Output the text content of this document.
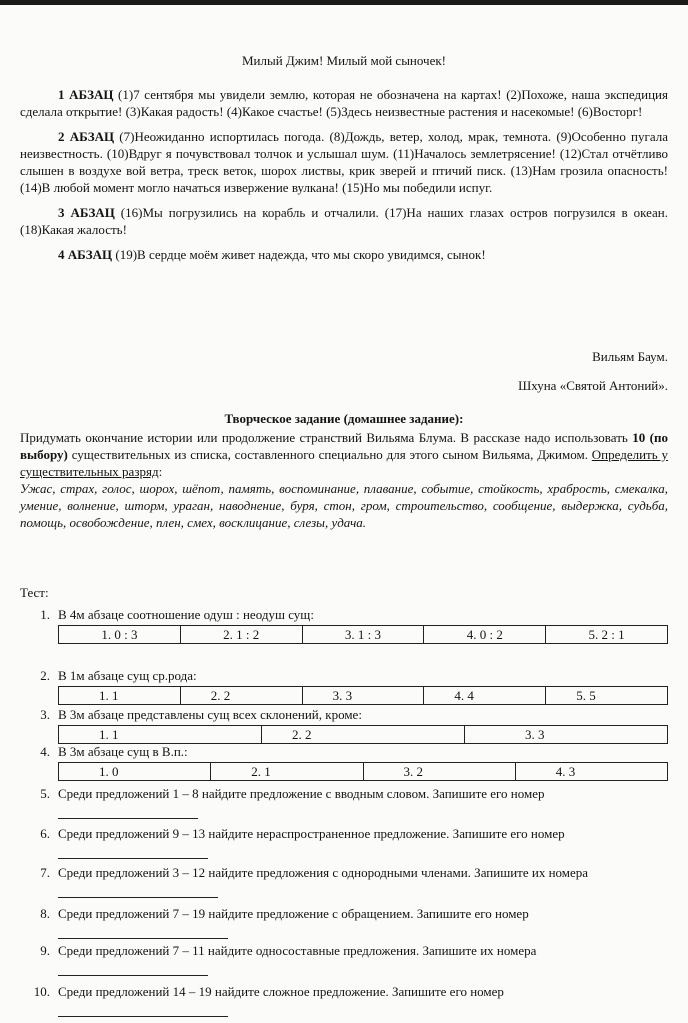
Милый Джим! Милый мой сыночек!

1 АБЗАЦ (1)7 сентября мы увидели землю, которая не обозначена на картах! (2)Похоже, наша экспедиция сделала открытие! (3)Какая радость! (4)Какое счастье! (5)Здесь неизвестные растения и насекомые! (6)Восторг!

2 АБЗАЦ (7)Неожиданно испортилась погода. (8)Дождь, ветер, холод, мрак, темнота. (9)Особенно пугала неизвестность. (10)Вдруг я почувствовал толчок и услышал шум. (11)Началось землетрясение! (12)Стал отчётливо слышен в воздухе вой ветра, треск веток, шорох листвы, крик зверей и птичий писк. (13)Нам грозила опасность! (14)В любой момент могло начаться извержение вулкана! (15)Но мы победили испуг.

3 АБЗАЦ (16)Мы погрузились на корабль и отчалили. (17)На наших глазах остров погрузился в океан. (18)Какая жалость!

4 АБЗАЦ (19)В сердце моём живет надежда, что мы скоро увидимся, сынок!

Вильям Баум.
Шхуна «Святой Антоний».
Творческое задание (домашнее задание):

Придумать окончание истории или продолжение странствий Вильяма Блума. В рассказе надо использовать 10 (по выбору) существительных из списка, составленного специально для этого сыном Вильяма, Джимом. Определить у существительных разряд:

Ужас, страх, голос, шорох, шёпот, память, воспоминание, плавание, событие, стойкость, храбрость, смекалка, умение, волнение, шторм, ураган, наводнение, буря, стон, гром, строительство, сообщение, выдержка, судьба, помощь, освобождение, плен, смех, восклицание, слезы, удача.

Тест:
1. В 4м абзаце соотношение одуш : неодуш сущ:
1. 0 : 3	2. 1 : 2	3. 1 : 3	4. 0 : 2	5. 2 : 1
2. В 1м абзаце сущ ср.рода:
1. 1	2. 2	3. 3	4. 4	5. 5
3. В 3м абзаце представлены сущ всех склонений, кроме:
1. 1	2. 2	3. 3
4. В 3м абзаце сущ в В.п.:
1. 0	2. 1	3. 2	4. 3
5. Среди предложений 1 – 8 найдите предложение с вводным словом. Запишите его номер
6. Среди предложений 9 – 13 найдите нераспространенное предложение. Запишите его номер
7. Среди предложений 3 – 12 найдите предложения с однородными членами. Запишите их номера
8. Среди предложений 7 – 19 найдите предложение с обращением. Запишите его номер
9. Среди предложений 7 – 11 найдите односоставные предложения. Запишите их номера
10. Среди предложений 14 – 19 найдите сложное предложение. Запишите его номер
